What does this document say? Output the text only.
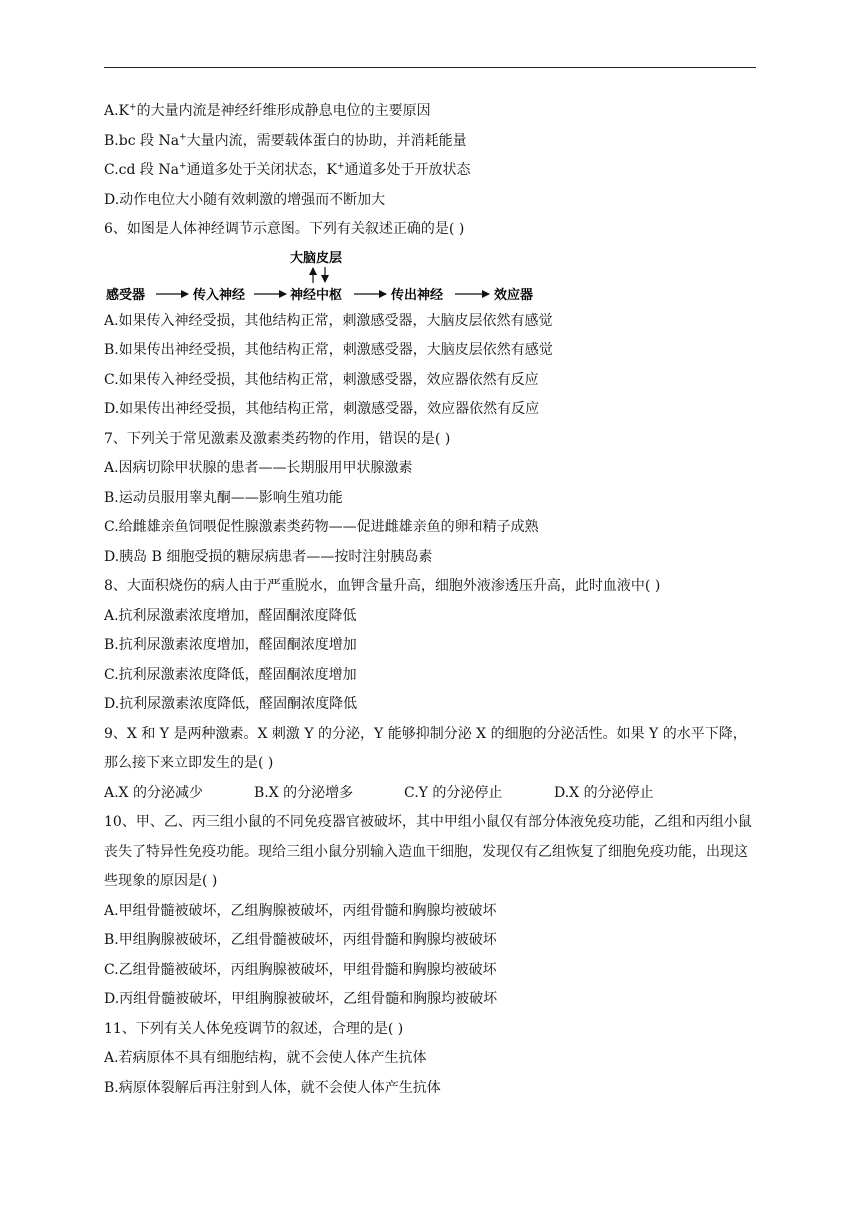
A.K+的大量内流是神经纤维形成静息电位的主要原因
B.bc 段 Na+大量内流，需要载体蛋白的协助，并消耗能量
C.cd 段 Na+通道多处于关闭状态，K+通道多处于开放状态
D.动作电位大小随有效刺激的增强而不断加大
6、如图是人体神经调节示意图。下列有关叙述正确的是( )
大脑皮层
感受器	传入神经	神经中枢	传出神经	效应器
A.如果传入神经受损，其他结构正常，刺激感受器，大脑皮层依然有感觉
B.如果传出神经受损，其他结构正常，刺激感受器，大脑皮层依然有感觉
C.如果传入神经受损，其他结构正常，刺激感受器，效应器依然有反应
D.如果传出神经受损，其他结构正常，刺激感受器，效应器依然有反应
7、下列关于常见激素及激素类药物的作用，错误的是( )
A.因病切除甲状腺的患者——长期服用甲状腺激素
B.运动员服用睾丸酮——影响生殖功能
C.给雌雄亲鱼饲喂促性腺激素类药物——促进雌雄亲鱼的卵和精子成熟
D.胰岛 B 细胞受损的糖尿病患者——按时注射胰岛素
8、大面积烧伤的病人由于严重脱水，血钾含量升高，细胞外液渗透压升高，此时血液中( )
A.抗利尿激素浓度增加，醛固酮浓度降低
B.抗利尿激素浓度增加，醛固酮浓度增加
C.抗利尿激素浓度降低，醛固酮浓度增加
D.抗利尿激素浓度降低，醛固酮浓度降低
9、X 和 Y 是两种激素。X 刺激 Y 的分泌，Y 能够抑制分泌 X 的细胞的分泌活性。如果 Y 的水平下降，那么接下来立即发生的是( )
A.X 的分泌减少	B.X 的分泌增多	C.Y 的分泌停止	D.X 的分泌停止
10、甲、乙、丙三组小鼠的不同免疫器官被破坏，其中甲组小鼠仅有部分体液免疫功能，乙组和丙组小鼠丧失了特异性免疫功能。现给三组小鼠分别输入造血干细胞，发现仅有乙组恢复了细胞免疫功能，出现这些现象的原因是( )
A.甲组骨髓被破坏，乙组胸腺被破坏，丙组骨髓和胸腺均被破坏
B.甲组胸腺被破坏，乙组骨髓被破坏，丙组骨髓和胸腺均被破坏
C.乙组骨髓被破坏，丙组胸腺被破坏，甲组骨髓和胸腺均被破坏
D.丙组骨髓被破坏，甲组胸腺被破坏，乙组骨髓和胸腺均被破坏
11、下列有关人体免疫调节的叙述，合理的是( )
A.若病原体不具有细胞结构，就不会使人体产生抗体
B.病原体裂解后再注射到人体，就不会使人体产生抗体
